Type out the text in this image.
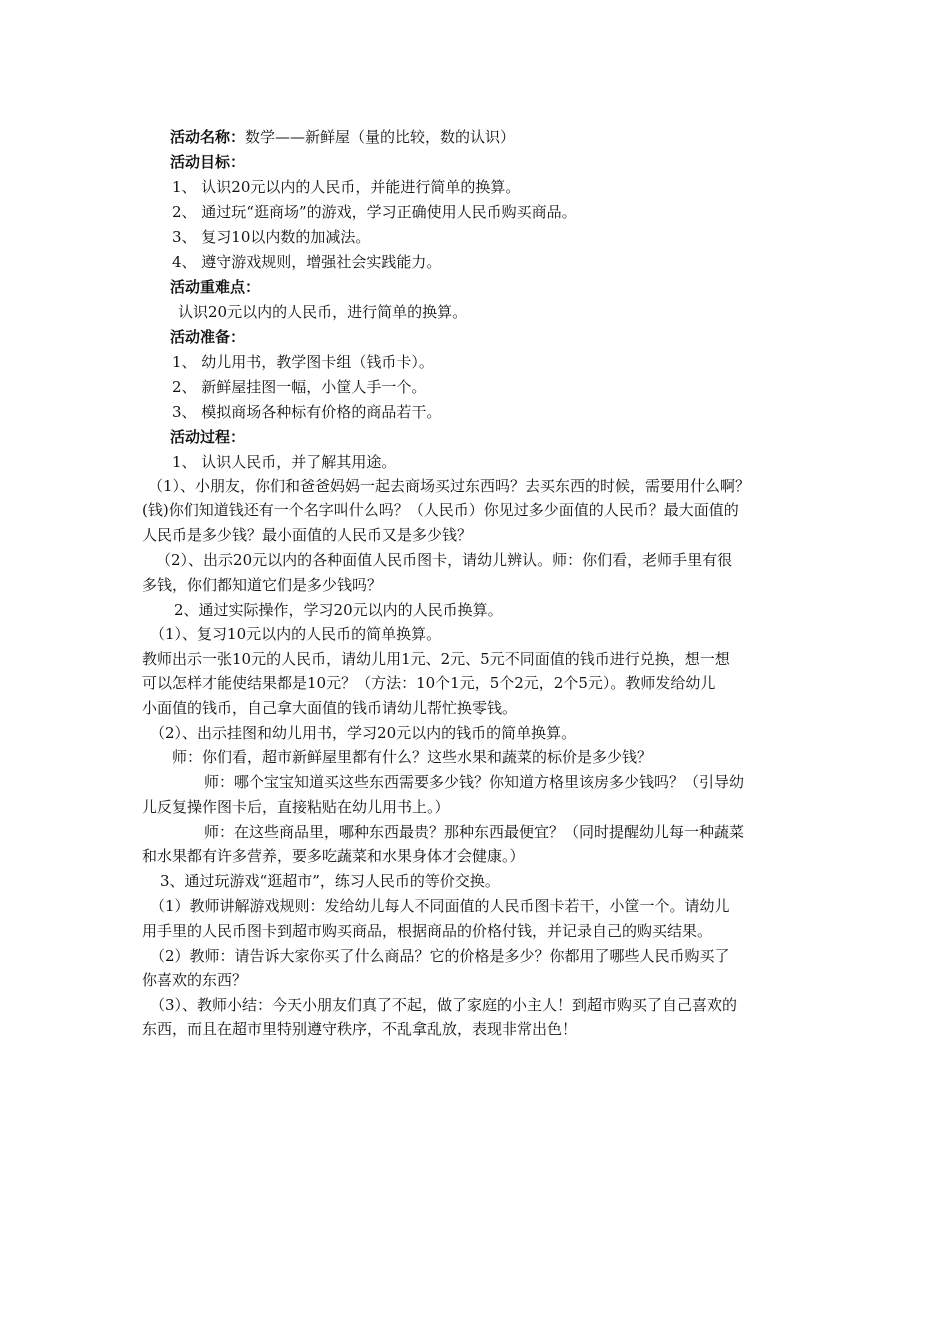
活动名称：数学——新鲜屋（量的比较，数的认识）
活动目标：
1、 认识20元以内的人民币，并能进行简单的换算。
2、 通过玩“逛商场”的游戏，学习正确使用人民币购买商品。
3、 复习10以内数的加减法。
4、 遵守游戏规则，增强社会实践能力。
活动重难点：
认识20元以内的人民币，进行简单的换算。
活动准备：
1、 幼儿用书，教学图卡组（钱币卡）。
2、 新鲜屋挂图一幅，小筐人手一个。
3、 模拟商场各种标有价格的商品若干。
活动过程：
1、 认识人民币，并了解其用途。
（1）、小朋友，你们和爸爸妈妈一起去商场买过东西吗？去买东西的时候，需要用什么啊？
(钱)你们知道钱还有一个名字叫什么吗？（人民币）你见过多少面值的人民币？最大面值的
人民币是多少钱？最小面值的人民币又是多少钱？
（2）、出示20元以内的各种面值人民币图卡，请幼儿辨认。师：你们看，老师手里有很
多钱，你们都知道它们是多少钱吗？
2、通过实际操作，学习20元以内的人民币换算。
（1）、复习10元以内的人民币的简单换算。
教师出示一张10元的人民币，请幼儿用1元、2元、5元不同面值的钱币进行兑换，想一想
可以怎样才能使结果都是10元？（方法：10个1元，5个2元，2个5元）。教师发给幼儿
小面值的钱币，自己拿大面值的钱币请幼儿帮忙换零钱。
（2）、出示挂图和幼儿用书，学习20元以内的钱币的简单换算。
师：你们看，超市新鲜屋里都有什么？这些水果和蔬菜的标价是多少钱？
师：哪个宝宝知道买这些东西需要多少钱？你知道方格里该房多少钱吗？（引导幼
儿反复操作图卡后，直接粘贴在幼儿用书上。）
师：在这些商品里，哪种东西最贵？那种东西最便宜？（同时提醒幼儿每一种蔬菜
和水果都有许多营养，要多吃蔬菜和水果身体才会健康。）
3、通过玩游戏“逛超市”，练习人民币的等价交换。
（1）教师讲解游戏规则：发给幼儿每人不同面值的人民币图卡若干，小筐一个。请幼儿
用手里的人民币图卡到超市购买商品，根据商品的价格付钱，并记录自己的购买结果。
（2）教师：请告诉大家你买了什么商品？它的价格是多少？你都用了哪些人民币购买了
你喜欢的东西？
（3）、教师小结：今天小朋友们真了不起，做了家庭的小主人！到超市购买了自己喜欢的
东西，而且在超市里特别遵守秩序，不乱拿乱放，表现非常出色！
